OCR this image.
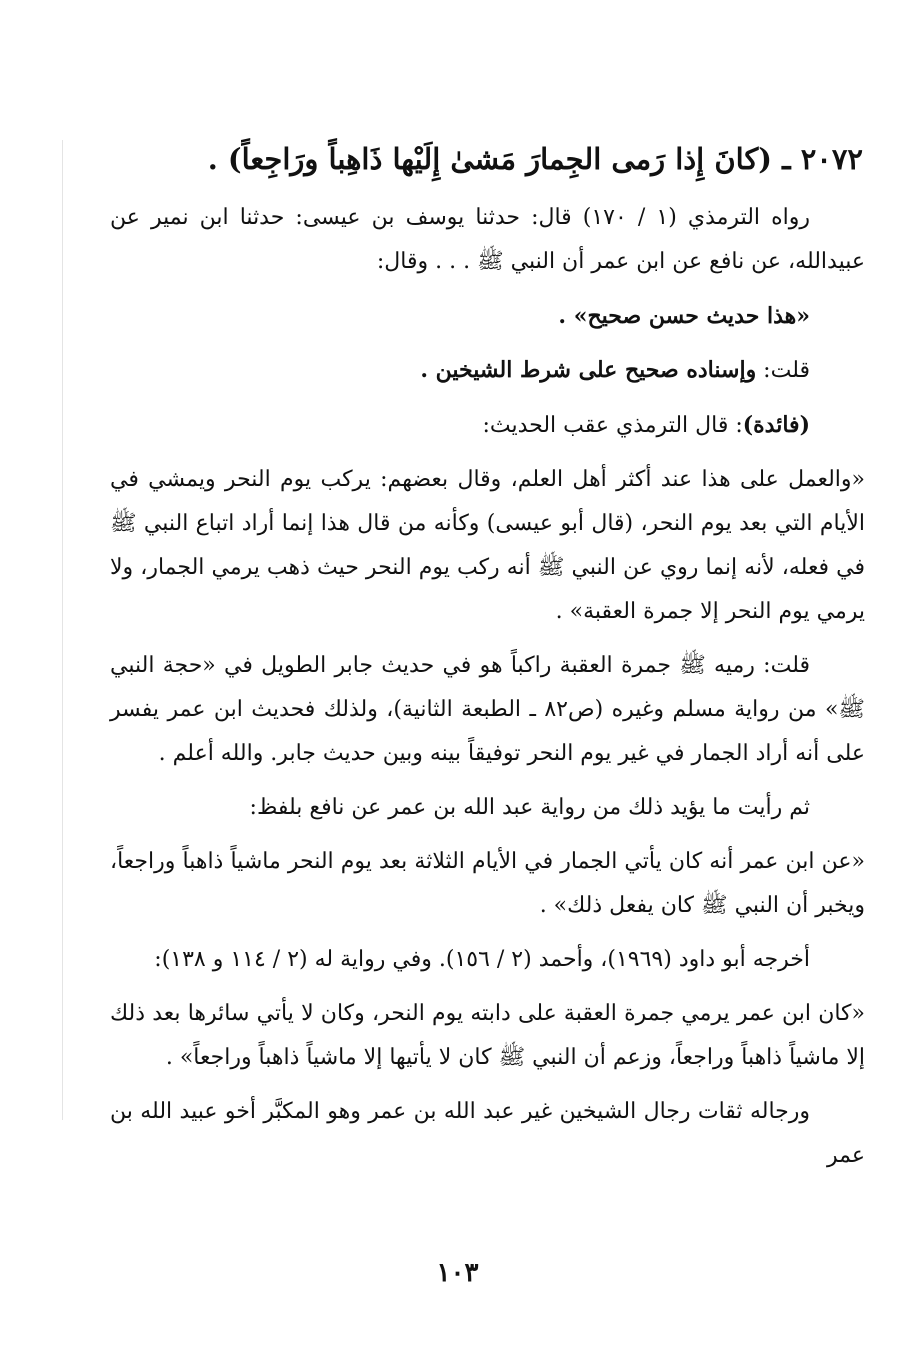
٢٠٧٢ ـ (كانَ إِذا رَمى الجِمارَ مَشىٰ إِلَيْها ذَاهِباً ورَاجِعاً) .

رواه الترمذي (١ / ١٧٠) قال: حدثنا يوسف بن عيسى: حدثنا ابن نمير عن عبيدالله، عن نافع عن ابن عمر أن النبي ﷺ . . . وقال:

«هذا حديث حسن صحيح» .

قلت: وإسناده صحيح على شرط الشيخين .

(فائدة): قال الترمذي عقب الحديث:

«والعمل على هذا عند أكثر أهل العلم، وقال بعضهم: يركب يوم النحر ويمشي في الأيام التي بعد يوم النحر، (قال أبو عيسى) وكأنه من قال هذا إنما أراد اتباع النبي ﷺ في فعله، لأنه إنما روي عن النبي ﷺ أنه ركب يوم النحر حيث ذهب يرمي الجمار، ولا يرمي يوم النحر إلا جمرة العقبة» .

قلت: رميه ﷺ جمرة العقبة راكباً هو في حديث جابر الطويل في «حجة النبي ﷺ» من رواية مسلم وغيره (ص٨٢ ـ الطبعة الثانية)، ولذلك فحديث ابن عمر يفسر على أنه أراد الجمار في غير يوم النحر توفيقاً بينه وبين حديث جابر. والله أعلم .

ثم رأيت ما يؤيد ذلك من رواية عبد الله بن عمر عن نافع بلفظ:

«عن ابن عمر أنه كان يأتي الجمار في الأيام الثلاثة بعد يوم النحر ماشياً ذاهباً وراجعاً، ويخبر أن النبي ﷺ كان يفعل ذلك» .

أخرجه أبو داود (١٩٦٩)، وأحمد (٢ / ١٥٦). وفي رواية له (٢ / ١١٤ و ١٣٨):

«كان ابن عمر يرمي جمرة العقبة على دابته يوم النحر، وكان لا يأتي سائرها بعد ذلك إلا ماشياً ذاهباً وراجعاً، وزعم أن النبي ﷺ كان لا يأتيها إلا ماشياً ذاهباً وراجعاً» .

ورجاله ثقات رجال الشيخين غير عبد الله بن عمر وهو المكبَّر أخو عبيد الله بن عمر

١٠٣
